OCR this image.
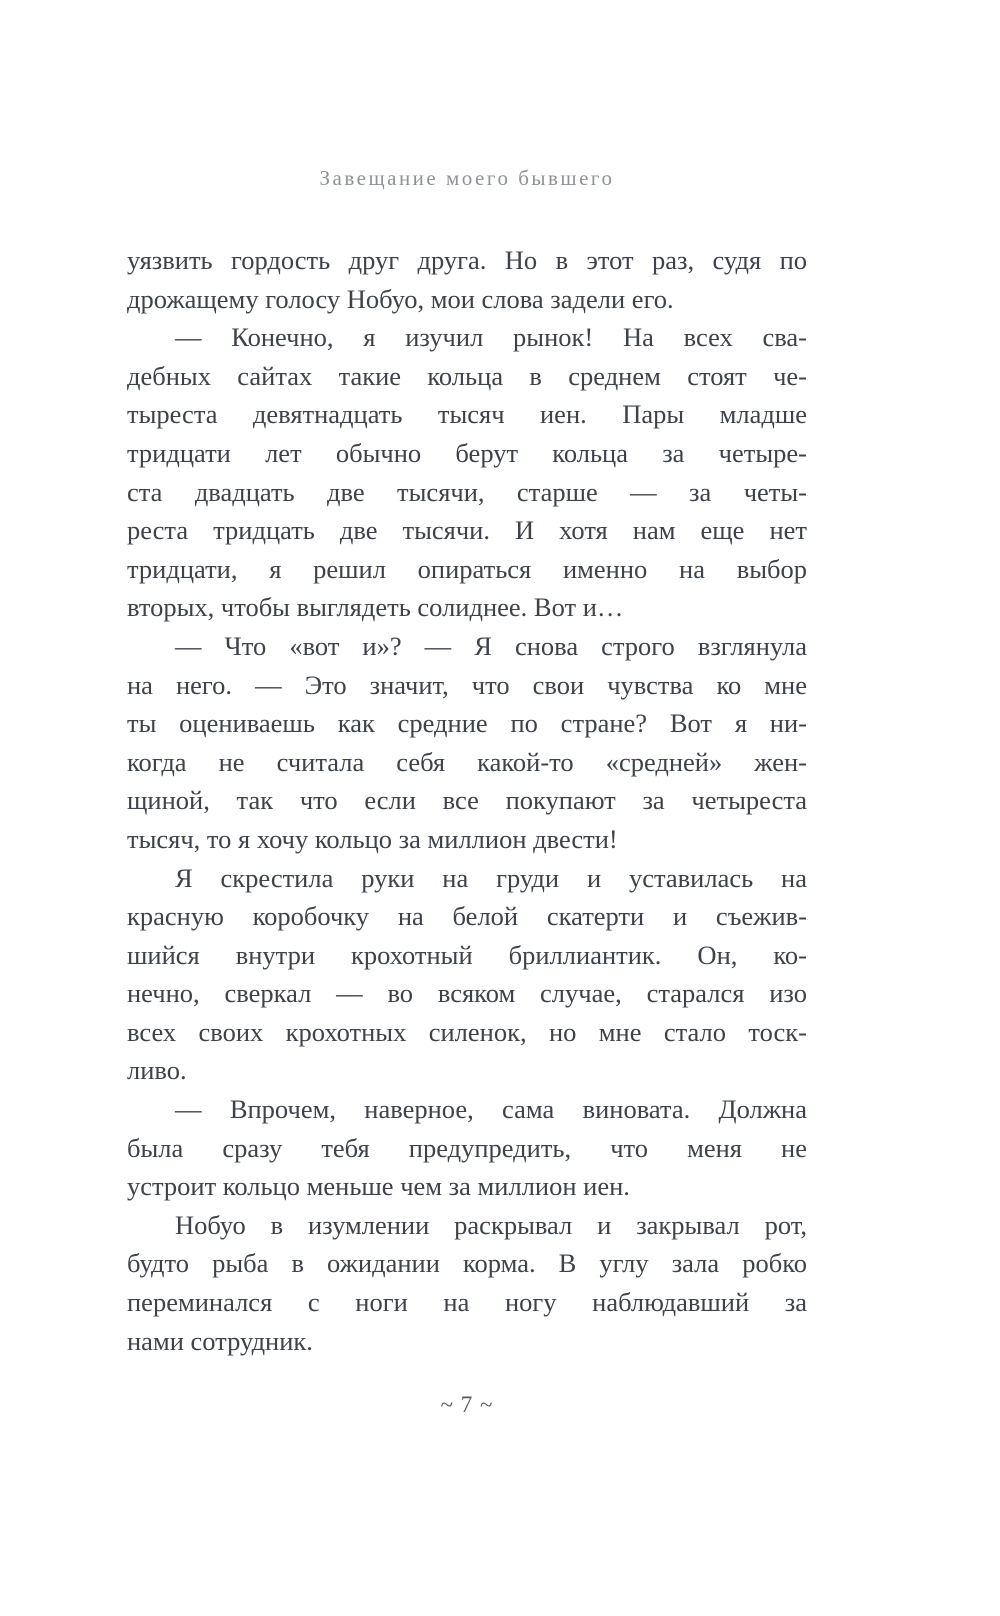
Завещание моего бывшего
уязвить гордость друг друга. Но в этот раз, судя по
дрожащему голосу Нобуо, мои слова задели его.
— Конечно, я изучил рынок! На всех сва-
дебных сайтах такие кольца в среднем стоят че-
тыреста девятнадцать тысяч иен. Пары младше
тридцати лет обычно берут кольца за четыре-
ста двадцать две тысячи, старше — за четы-
реста тридцать две тысячи. И хотя нам еще нет
тридцати, я решил опираться именно на выбор
вторых, чтобы выглядеть солиднее. Вот и…
— Что «вот и»? — Я снова строго взглянула
на него. — Это значит, что свои чувства ко мне
ты оцениваешь как средние по стране? Вот я ни-
когда не считала себя какой-то «средней» жен-
щиной, так что если все покупают за четыреста
тысяч, то я хочу кольцо за миллион двести!
Я скрестила руки на груди и уставилась на
красную коробочку на белой скатерти и съежив-
шийся внутри крохотный бриллиантик. Он, ко-
нечно, сверкал — во всяком случае, старался изо
всех своих крохотных силенок, но мне стало тоск-
ливо.
— Впрочем, наверное, сама виновата. Должна
была сразу тебя предупредить, что меня не
устроит кольцо меньше чем за миллион иен.
Нобуо в изумлении раскрывал и закрывал рот,
будто рыба в ожидании корма. В углу зала робко
переминался с ноги на ногу наблюдавший за
нами сотрудник.
~ 7 ~
